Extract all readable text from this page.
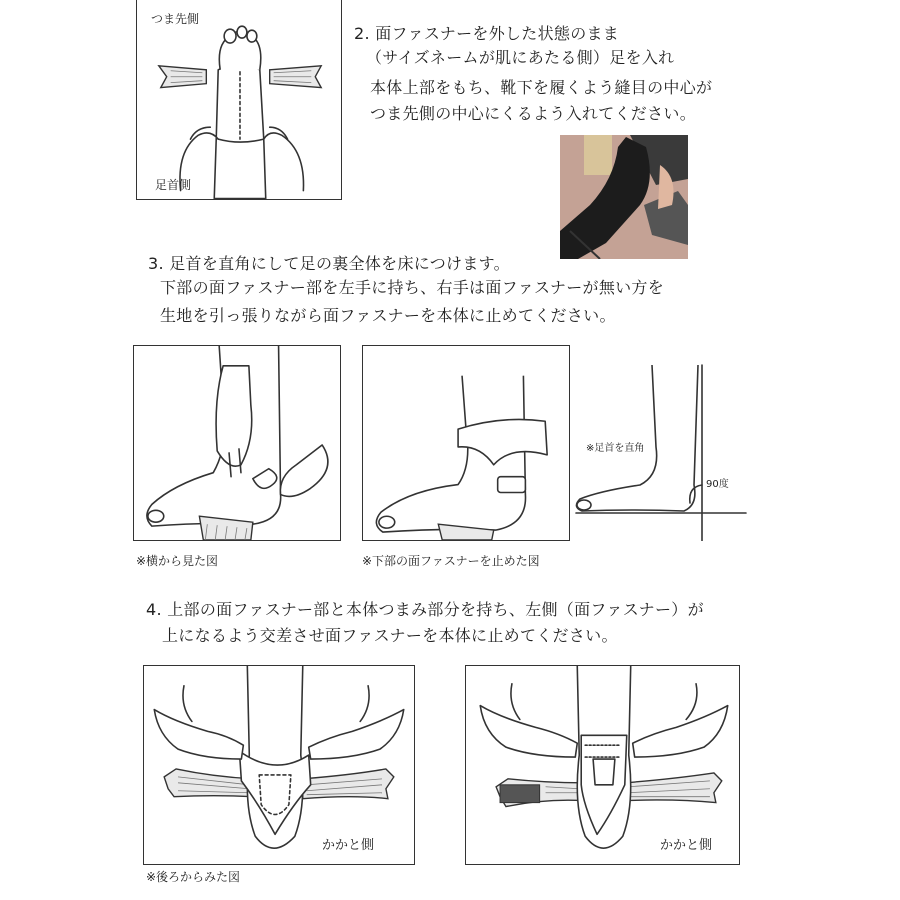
つま先側
足首側
2. 面ファスナーを外した状態のまま
（サイズネームが肌にあたる側）足を入れ
本体上部をもち、靴下を履くよう縫目の中心が
つま先側の中心にくるよう入れてください。
3. 足首を直角にして足の裏全体を床につけます。
下部の面ファスナー部を左手に持ち、右手は面ファスナーが無い方を
生地を引っ張りながら面ファスナーを本体に止めてください。
※横から見た図	※下部の面ファスナーを止めた図
※足首を直角
90度
4. 上部の面ファスナー部と本体つまみ部分を持ち、左側（面ファスナー）が
上になるよう交差させ面ファスナーを本体に止めてください。
かかと側
※後ろからみた図
かかと側
